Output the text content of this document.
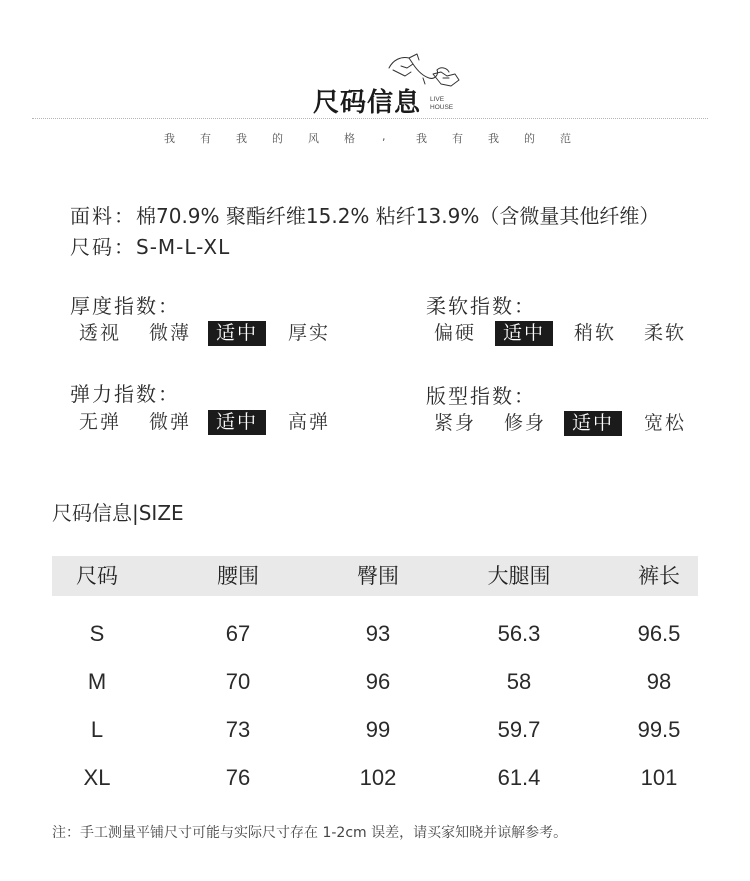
尺码信息 LIVE
HOUSE
我 有 我 的 风 格 ,	我 有 我 的 范
面料：棉70.9% 聚酯纤维15.2% 粘纤13.9%（含微量其他纤维）
尺码：S-M-L-XL
厚度指数：
透视 微薄	适中	厚实
柔软指数：
偏硬	适中	稍软 柔软
弹力指数：
无弹 微弹	适中	高弹
版型指数：
紧身 修身	适中	宽松
尺码信息|SIZE
尺码	腰围	臀围	大腿围	裤长
S	67	93	56.3	96.5
M	70	96	58	98
L	73	99	59.7	99.5
XL	76	102	61.4	101
注：手工测量平铺尺寸可能与实际尺寸存在 1-2cm 误差，请买家知晓并谅解参考。
